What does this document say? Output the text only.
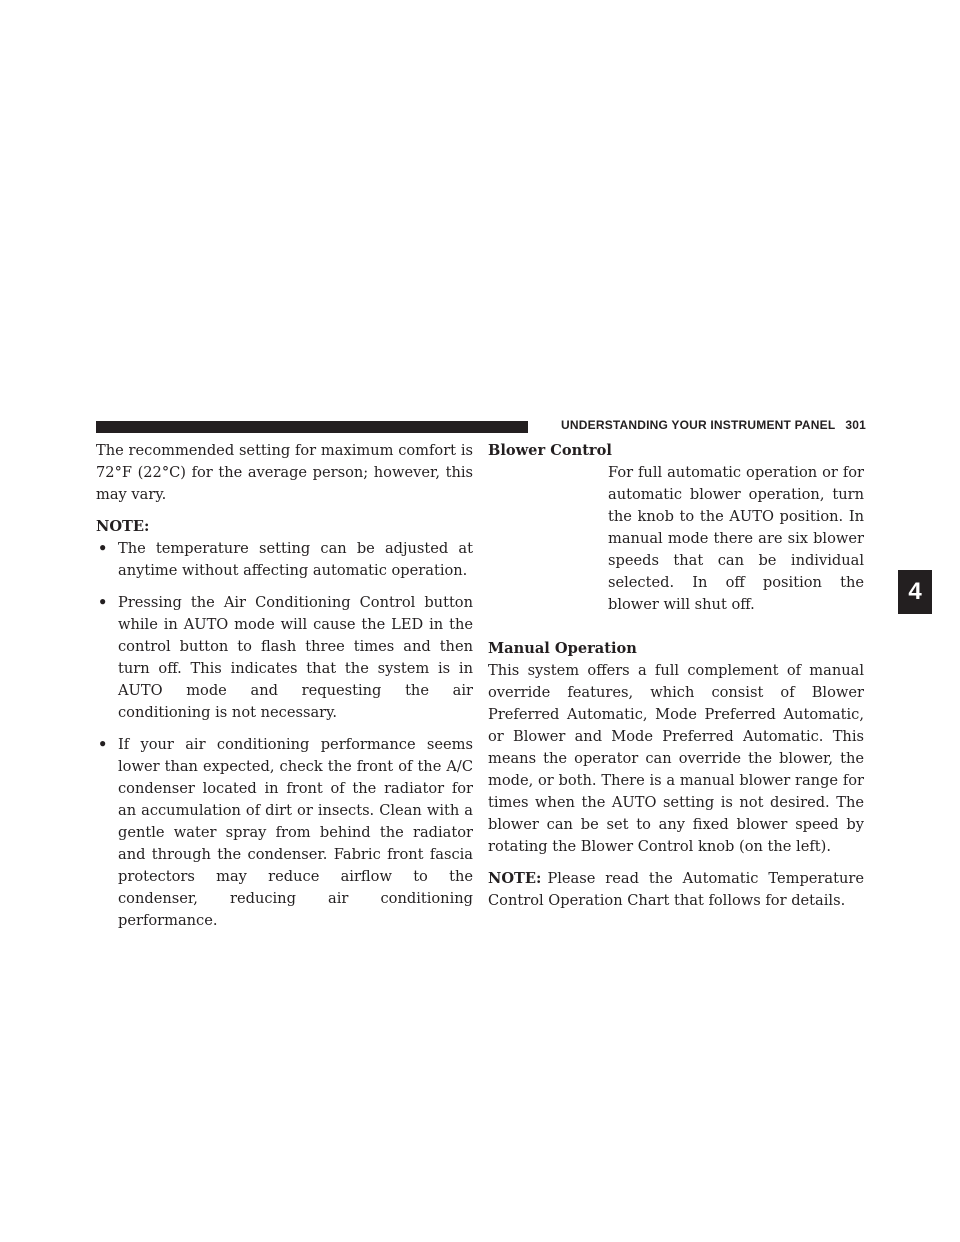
UNDERSTANDING YOUR INSTRUMENT PANEL 301

The recommended setting for maximum comfort is 72°F (22°C) for the average person; however, this may vary.

NOTE:

• The temperature setting can be adjusted at anytime without affecting automatic operation.
• Pressing the Air Conditioning Control button while in AUTO mode will cause the LED in the control button to flash three times and then turn off. This indicates that the system is in AUTO mode and requesting the air conditioning is not necessary.
• If your air conditioning performance seems lower than expected, check the front of the A/C condenser located in front of the radiator for an accumulation of dirt or insects. Clean with a gentle water spray from behind the radiator and through the condenser. Fabric front fascia protectors may reduce airflow to the condenser, reducing air conditioning performance.

Blower Control

For full automatic operation or for automatic blower operation, turn the knob to the AUTO position. In manual mode there are six blower speeds that can be individual selected. In off position the blower will shut off.

Manual Operation

This system offers a full complement of manual override features, which consist of Blower Preferred Automatic, Mode Preferred Automatic, or Blower and Mode Preferred Automatic. This means the operator can override the blower, the mode, or both. There is a manual blower range for times when the AUTO setting is not desired. The blower can be set to any fixed blower speed by rotating the Blower Control knob (on the left).

NOTE: Please read the Automatic Temperature Control Operation Chart that follows for details.

4
